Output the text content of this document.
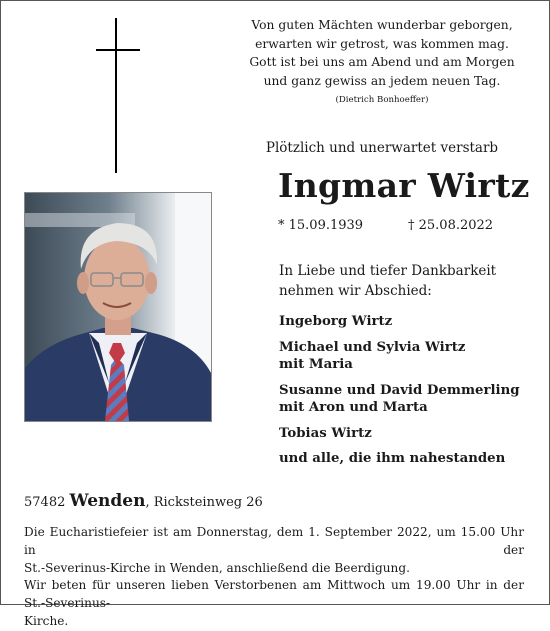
Von guten Mächten wunderbar geborgen,
erwarten wir getrost, was kommen mag.
Gott ist bei uns am Abend und am Morgen
und ganz gewiss an jedem neuen Tag.
(Dietrich Bonhoeffer)
Plötzlich und unerwartet verstarb
Ingmar Wirtz
* 15.09.1939	† 25.08.2022
In Liebe und tiefer Dankbarkeit
nehmen wir Abschied:
Ingeborg Wirtz
Michael und Sylvia Wirtz
mit Maria
Susanne und David Demmerling
mit Aron und Marta
Tobias Wirtz
und alle, die ihm nahestanden
57482 Wenden, Ricksteinweg 26
Die Eucharistiefeier ist am Donnerstag, dem 1. September 2022, um 15.00 Uhr in der
St.-Severinus-Kirche in Wenden, anschließend die Beerdigung.
Wir beten für unseren lieben Verstorbenen am Mittwoch um 19.00 Uhr in der St.-Severinus-
Kirche.
